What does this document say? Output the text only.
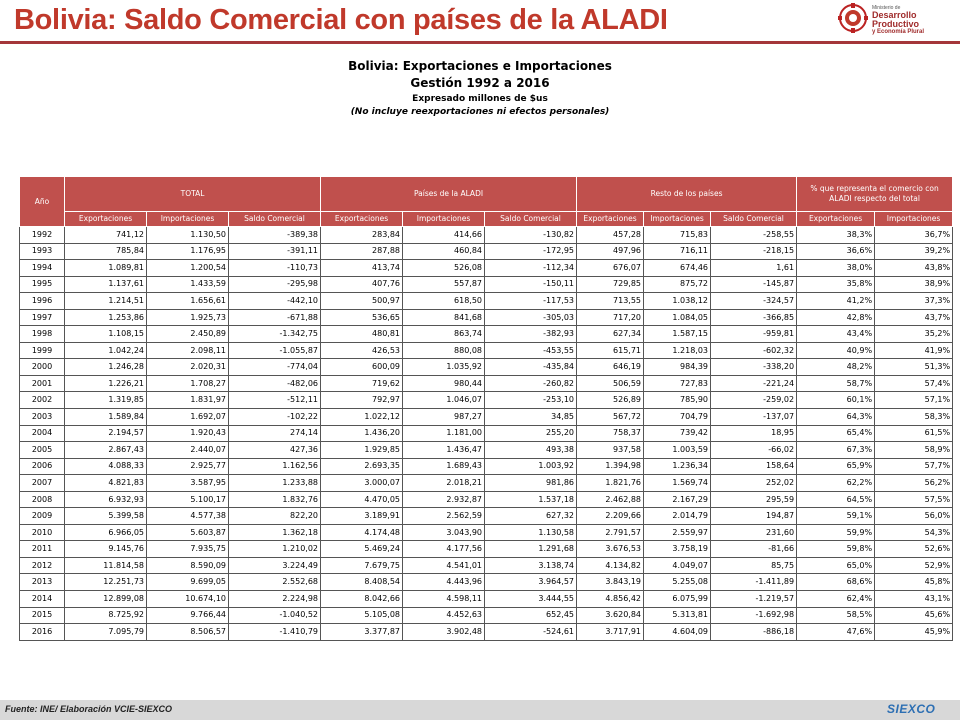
Bolivia: Saldo Comercial con países de la ALADI	Ministerio de
Desarrollo Productivo
y Economía Plural
Bolivia: Exportaciones e Importaciones
Gestión 1992 a 2016
Expresado millones de $us
(No incluye reexportaciones ni efectos personales)
Año	TOTAL			Países de la ALADI			Resto de los países			% que representa el comercio con ALADI respecto del total	
	Exportaciones	Importaciones	Saldo Comercial	Exportaciones	Importaciones	Saldo Comercial	Exportaciones	Importaciones	Saldo Comercial	Exportaciones	Importaciones
1992	741,12	1.130,50	-389,38	283,84	414,66	-130,82	457,28	715,83	-258,55	38,3%	36,7%
1993	785,84	1.176,95	-391,11	287,88	460,84	-172,95	497,96	716,11	-218,15	36,6%	39,2%
1994	1.089,81	1.200,54	-110,73	413,74	526,08	-112,34	676,07	674,46	1,61	38,0%	43,8%
1995	1.137,61	1.433,59	-295,98	407,76	557,87	-150,11	729,85	875,72	-145,87	35,8%	38,9%
1996	1.214,51	1.656,61	-442,10	500,97	618,50	-117,53	713,55	1.038,12	-324,57	41,2%	37,3%
1997	1.253,86	1.925,73	-671,88	536,65	841,68	-305,03	717,20	1.084,05	-366,85	42,8%	43,7%
1998	1.108,15	2.450,89	-1.342,75	480,81	863,74	-382,93	627,34	1.587,15	-959,81	43,4%	35,2%
1999	1.042,24	2.098,11	-1.055,87	426,53	880,08	-453,55	615,71	1.218,03	-602,32	40,9%	41,9%
2000	1.246,28	2.020,31	-774,04	600,09	1.035,92	-435,84	646,19	984,39	-338,20	48,2%	51,3%
2001	1.226,21	1.708,27	-482,06	719,62	980,44	-260,82	506,59	727,83	-221,24	58,7%	57,4%
2002	1.319,85	1.831,97	-512,11	792,97	1.046,07	-253,10	526,89	785,90	-259,02	60,1%	57,1%
2003	1.589,84	1.692,07	-102,22	1.022,12	987,27	34,85	567,72	704,79	-137,07	64,3%	58,3%
2004	2.194,57	1.920,43	274,14	1.436,20	1.181,00	255,20	758,37	739,42	18,95	65,4%	61,5%
2005	2.867,43	2.440,07	427,36	1.929,85	1.436,47	493,38	937,58	1.003,59	-66,02	67,3%	58,9%
2006	4.088,33	2.925,77	1.162,56	2.693,35	1.689,43	1.003,92	1.394,98	1.236,34	158,64	65,9%	57,7%
2007	4.821,83	3.587,95	1.233,88	3.000,07	2.018,21	981,86	1.821,76	1.569,74	252,02	62,2%	56,2%
2008	6.932,93	5.100,17	1.832,76	4.470,05	2.932,87	1.537,18	2.462,88	2.167,29	295,59	64,5%	57,5%
2009	5.399,58	4.577,38	822,20	3.189,91	2.562,59	627,32	2.209,66	2.014,79	194,87	59,1%	56,0%
2010	6.966,05	5.603,87	1.362,18	4.174,48	3.043,90	1.130,58	2.791,57	2.559,97	231,60	59,9%	54,3%
2011	9.145,76	7.935,75	1.210,02	5.469,24	4.177,56	1.291,68	3.676,53	3.758,19	-81,66	59,8%	52,6%
2012	11.814,58	8.590,09	3.224,49	7.679,75	4.541,01	3.138,74	4.134,82	4.049,07	85,75	65,0%	52,9%
2013	12.251,73	9.699,05	2.552,68	8.408,54	4.443,96	3.964,57	3.843,19	5.255,08	-1.411,89	68,6%	45,8%
2014	12.899,08	10.674,10	2.224,98	8.042,66	4.598,11	3.444,55	4.856,42	6.075,99	-1.219,57	62,4%	43,1%
2015	8.725,92	9.766,44	-1.040,52	5.105,08	4.452,63	652,45	3.620,84	5.313,81	-1.692,98	58,5%	45,6%
2016	7.095,79	8.506,57	-1.410,79	3.377,87	3.902,48	-524,61	3.717,91	4.604,09	-886,18	47,6%	45,9%
Fuente: INE/ Elaboración VCIE-SIEXCO	SIEXCO
